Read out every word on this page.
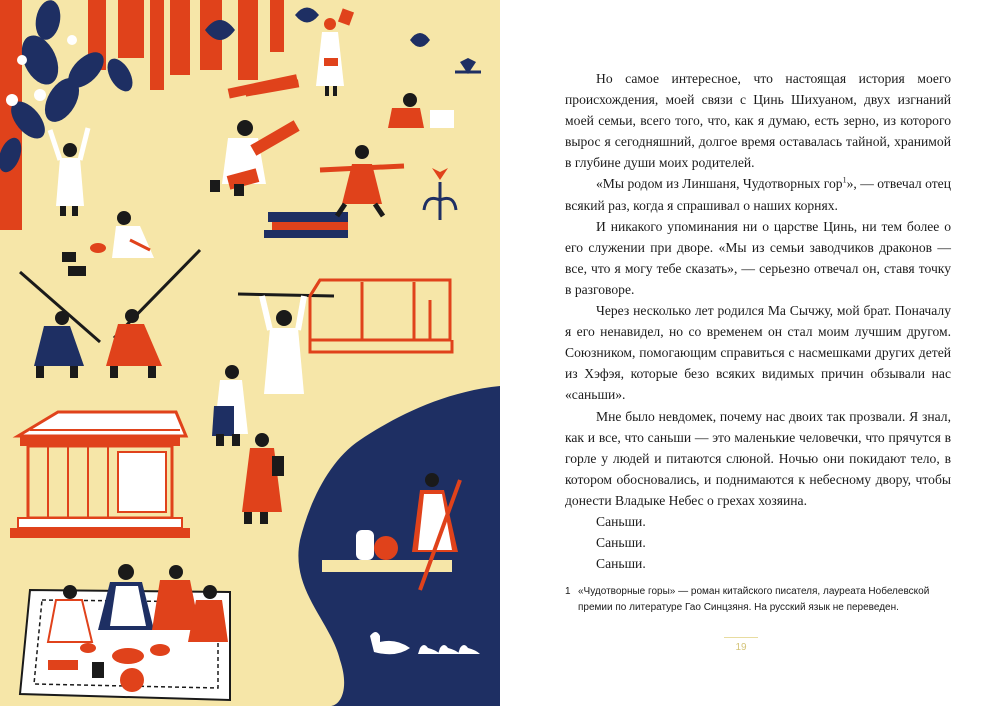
Но самое интересное, что настоящая история моего происхождения, моей связи с Цинь Шихуаном, двух изгнаний моей семьи, всего того, что, как я думаю, есть зерно, из которого вырос я сегодняшний, долгое время оставалась тайной, хранимой в глубине души моих родителей.

«Мы родом из Линшаня, Чудотворных гор$^1$», — отвечал отец всякий раз, когда я спрашивал о наших корнях.

И никакого упоминания ни о царстве Цинь, ни тем более о его служении при дворе. «Мы из семьи заводчиков драконов — все, что я могу тебе сказать», — серьезно отвечал он, ставя точку в разговоре.

Через несколько лет родился Ма Сычжу, мой брат. Поначалу я его ненавидел, но со временем он стал моим лучшим другом. Союзником, помогающим справиться с насмешками других детей из Хэфэя, которые безо всяких видимых причин обзывали нас «саньши».

Мне было невдомек, почему нас двоих так прозвали. Я знал, как и все, что саньши — это маленькие человечки, что прячутся в горле у людей и питаются слюной. Ночью они покидают тело, в котором обосновались, и поднимаются к небесному двору, чтобы донести Владыке Небес о грехах хозяина.

Саньши.

Саньши.

Саньши.

1 «Чудотворные горы» — роман китайского писателя, лауреата Нобелевской премии по литературе Гао Синцзяня. На русский язык не переведен.
19
